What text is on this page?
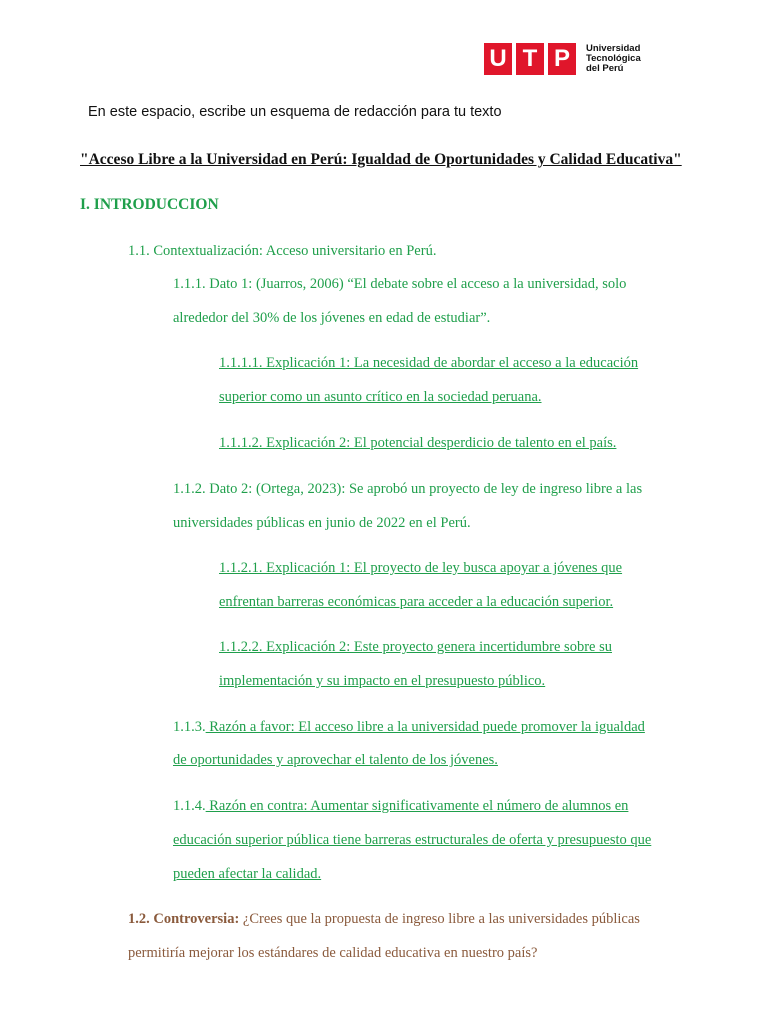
U T P	Universidad
Tecnológica
del Perú

En este espacio, escribe un esquema de redacción para tu texto

"Acceso Libre a la Universidad en Perú: Igualdad de Oportunidades y Calidad Educativa"

I. INTRODUCCION

1.1. Contextualización: Acceso universitario en Perú.

1.1.1. Dato 1: (Juarros, 2006) “El debate sobre el acceso a la universidad, solo

alrededor del 30% de los jóvenes en edad de estudiar”.

1.1.1.1. Explicación 1: La necesidad de abordar el acceso a la educación

superior como un asunto crítico en la sociedad peruana.

1.1.1.2. Explicación 2: El potencial desperdicio de talento en el país.

1.1.2. Dato 2: (Ortega, 2023): Se aprobó un proyecto de ley de ingreso libre a las

universidades públicas en junio de 2022 en el Perú.

1.1.2.1. Explicación 1: El proyecto de ley busca apoyar a jóvenes que

enfrentan barreras económicas para acceder a la educación superior.

1.1.2.2. Explicación 2: Este proyecto genera incertidumbre sobre su

implementación y su impacto en el presupuesto público.

1.1.3. Razón a favor: El acceso libre a la universidad puede promover la igualdad

de oportunidades y aprovechar el talento de los jóvenes.

1.1.4. Razón en contra: Aumentar significativamente el número de alumnos en

educación superior pública tiene barreras estructurales de oferta y presupuesto que

pueden afectar la calidad.

1.2. Controversia: ¿Crees que la propuesta de ingreso libre a las universidades públicas

permitiría mejorar los estándares de calidad educativa en nuestro país?
